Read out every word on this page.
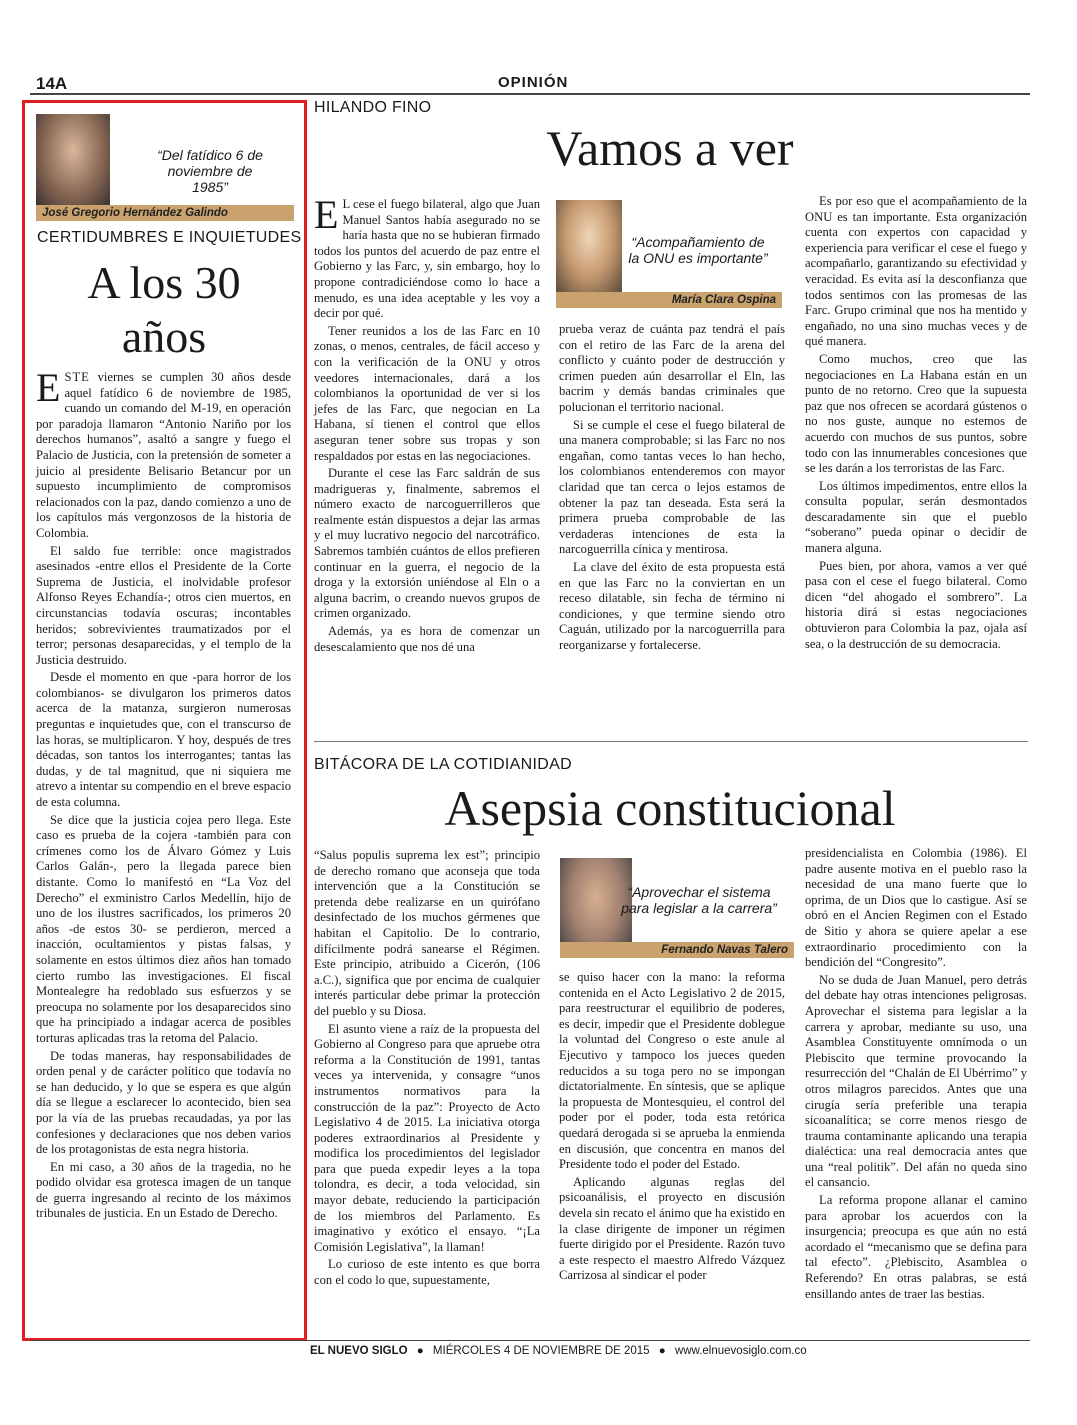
14A	OPINIÓN
“Del fatídico 6 de noviembre de 1985”
José Gregorio Hernández Galindo
CERTIDUMBRES E INQUIETUDES
A los 30
años

ESTE viernes se cumplen 30 años desde aquel fatídico 6 de noviembre de 1985, cuando un comando del M-19, en operación por paradoja llamaron “Antonio Nariño por los derechos humanos”, asaltó a sangre y fuego el Palacio de Justicia, con la pretensión de someter a juicio al presidente Belisario Betancur por un supuesto incumplimiento de compromisos relacionados con la paz, dando comienzo a uno de los capítulos más vergonzosos de la historia de Colombia.

El saldo fue terrible: once magistrados asesinados -entre ellos el Presidente de la Corte Suprema de Justicia, el inolvidable profesor Alfonso Reyes Echandía-; otros cien muertos, en circunstancias todavía oscuras; incontables heridos; sobrevivientes traumatizados por el terror; personas desaparecidas, y el templo de la Justicia destruido.

Desde el momento en que -para horror de los colombianos- se divulgaron los primeros datos acerca de la matanza, surgieron numerosas preguntas e inquietudes que, con el transcurso de las horas, se multiplicaron. Y hoy, después de tres décadas, son tantos los interrogantes; tantas las dudas, y de tal magnitud, que ni siquiera me atrevo a intentar su compendio en el breve espacio de esta columna.

Se dice que la justicia cojea pero llega. Este caso es prueba de la cojera -también para con crímenes como los de Álvaro Gómez y Luis Carlos Galán-, pero la llegada parece bien distante. Como lo manifestó en “La Voz del Derecho” el exministro Carlos Medellín, hijo de uno de los ilustres sacrificados, los primeros 20 años -de estos 30- se perdieron, merced a inacción, ocultamientos y pistas falsas, y solamente en estos últimos diez años han tomado cierto rumbo las investigaciones. El fiscal Montealegre ha redoblado sus esfuerzos y se preocupa no solamente por los desaparecidos sino que ha principiado a indagar acerca de posibles torturas aplicadas tras la retoma del Palacio.

De todas maneras, hay responsabilidades de orden penal y de carácter político que todavía no se han deducido, y lo que se espera es que algún día se llegue a esclarecer lo acontecido, bien sea por la vía de las pruebas recaudadas, ya por las confesiones y declaraciones que nos deben varios de los protagonistas de esta negra historia.

En mi caso, a 30 años de la tragedia, no he podido olvidar esa grotesca imagen de un tanque de guerra ingresando al recinto de los máximos tribunales de justicia. En un Estado de Derecho.

HILANDO FINO
Vamos a ver

E L cese el fuego bilateral, algo que Juan Manuel Santos había asegurado no se haría hasta que no se hubieran firmado todos los puntos del acuerdo de paz entre el Gobierno y las Farc, y, sin embargo, hoy lo propone contradiciéndose como lo hace a menudo, es una idea aceptable y les voy a decir por qué.

Tener reunidos a los de las Farc en 10 zonas, o menos, centrales, de fácil acceso y con la verificación de la ONU y otros veedores internacionales, dará a los colombianos la oportunidad de ver si los jefes de las Farc, que negocian en La Habana, sí tienen el control que ellos aseguran tener sobre sus tropas y son respaldados por estas en las negociaciones.

Durante el cese las Farc saldrán de sus madrigueras y, finalmente, sabremos el número exacto de narcoguerrilleros que realmente están dispuestos a dejar las armas y el muy lucrativo negocio del narcotráfico. Sabremos también cuántos de ellos prefieren continuar en la guerra, el negocio de la droga y la extorsión uniéndose al Eln o a alguna bacrim, o creando nuevos grupos de crimen organizado.

Además, ya es hora de comenzar un desescalamiento que nos dé una

“Acompañamiento de la ONU es importante”
María Clara Ospina

prueba veraz de cuánta paz tendrá el país con el retiro de las Farc de la arena del conflicto y cuánto poder de destrucción y crimen pueden aún desarrollar el Eln, las bacrim y demás bandas criminales que polucionan el territorio nacional.

Si se cumple el cese el fuego bilateral de una manera comprobable; si las Farc no nos engañan, como tantas veces lo han hecho, los colombianos entenderemos con mayor claridad que tan cerca o lejos estamos de obtener la paz tan deseada. Esta será la primera prueba comprobable de las verdaderas intenciones de esta la narcoguerrilla cínica y mentirosa.

La clave del éxito de esta propuesta está en que las Farc no la conviertan en un receso dilatable, sin fecha de término ni condiciones, y que termine siendo otro Caguán, utilizado por la narcoguerrilla para reorganizarse y fortalecerse.

Es por eso que el acompañamiento de la ONU es tan importante. Esta organización cuenta con expertos con capacidad y experiencia para verificar el cese el fuego y acompañarlo, garantizando su efectividad y veracidad. Es evita así la desconfianza que todos sentimos con las promesas de las Farc. Grupo criminal que nos ha mentido y engañado, no una sino muchas veces y de qué manera.

Como muchos, creo que las negociaciones en La Habana están en un punto de no retorno. Creo que la supuesta paz que nos ofrecen se acordará gústenos o no nos guste, aunque no estemos de acuerdo con muchos de sus puntos, sobre todo con las innumerables concesiones que se les darán a los terroristas de las Farc.

Los últimos impedimentos, entre ellos la consulta popular, serán desmontados descaradamente sin que el pueblo “soberano” pueda opinar o decidir de manera alguna.

Pues bien, por ahora, vamos a ver qué pasa con el cese el fuego bilateral. Como dicen “del ahogado el sombrero”. La historia dirá si estas negociaciones obtuvieron para Colombia la paz, ojala así sea, o la destrucción de su democracia.

BITÁCORA DE LA COTIDIANIDAD
Asepsia constitucional

“Salus populis suprema lex est”; principio de derecho romano que aconseja que toda intervención que a la Constitución se pretenda debe realizarse en un quirófano desinfectado de los muchos gérmenes que habitan el Capitolio. De lo contrario, difícilmente podrá sanearse el Régimen. Este principio, atribuido a Cicerón, (106 a.C.), significa que por encima de cualquier interés particular debe primar la protección del pueblo y su Diosa.

El asunto viene a raíz de la propuesta del Gobierno al Congreso para que apruebe otra reforma a la Constitución de 1991, tantas veces ya intervenida, y consagre “unos instrumentos normativos para la construcción de la paz”: Proyecto de Acto Legislativo 4 de 2015. La iniciativa otorga poderes extraordinarios al Presidente y modifica los procedimientos del legislador para que pueda expedir leyes a la topa tolondra, es decir, a toda velocidad, sin mayor debate, reduciendo la participación de los miembros del Parlamento. Es imaginativo y exótico el ensayo. “¡La Comisión Legislativa”, la llaman!

Lo curioso de este intento es que borra con el codo lo que, supuestamente,

“Aprovechar el sistema para legislar a la carrera”
Fernando Navas Talero

se quiso hacer con la mano: la reforma contenida en el Acto Legislativo 2 de 2015, para reestructurar el equilibrio de poderes, es decir, impedir que el Presidente doblegue la voluntad del Congreso o este anule al Ejecutivo y tampoco los jueces queden reducidos a su toga pero no se impongan dictatorialmente. En síntesis, que se aplique la propuesta de Montesquieu, el control del poder por el poder, toda esta retórica quedará derogada si se aprueba la enmienda en discusión, que concentra en manos del Presidente todo el poder del Estado.

Aplicando algunas reglas del psicoanálisis, el proyecto en discusión devela sin recato el ánimo que ha existido en la clase dirigente de imponer un régimen fuerte dirigido por el Presidente. Razón tuvo a este respecto el maestro Alfredo Vázquez Carrizosa al sindicar el poder

presidencialista en Colombia (1986). El padre ausente motiva en el pueblo raso la necesidad de una mano fuerte que lo oprima, de un Dios que lo castigue. Así se obró en el Ancien Regimen con el Estado de Sitio y ahora se quiere apelar a ese extraordinario procedimiento con la bendición del “Congresito”.

No se duda de Juan Manuel, pero detrás del debate hay otras intenciones peligrosas. Aprovechar el sistema para legislar a la carrera y aprobar, mediante su uso, una Asamblea Constituyente omnímoda o un Plebiscito que termine provocando la resurrección del “Chalán de El Ubérrimo” y otros milagros parecidos. Antes que una cirugía sería preferible una terapia sicoanalítica; se corre menos riesgo de trauma contaminante aplicando una terapia dialéctica: una real democracia antes que una “real politik”. Del afán no queda sino el cansancio.

La reforma propone allanar el camino para aprobar los acuerdos con la insurgencia; preocupa es que aún no está acordado el “mecanismo que se defina para tal efecto”. ¿Plebiscito, Asamblea o Referendo? En otras palabras, se está ensillando antes de traer las bestias.

EL NUEVO SIGLO ● MIÉRCOLES 4 DE NOVIEMBRE DE 2015 ● www.elnuevosiglo.com.co
